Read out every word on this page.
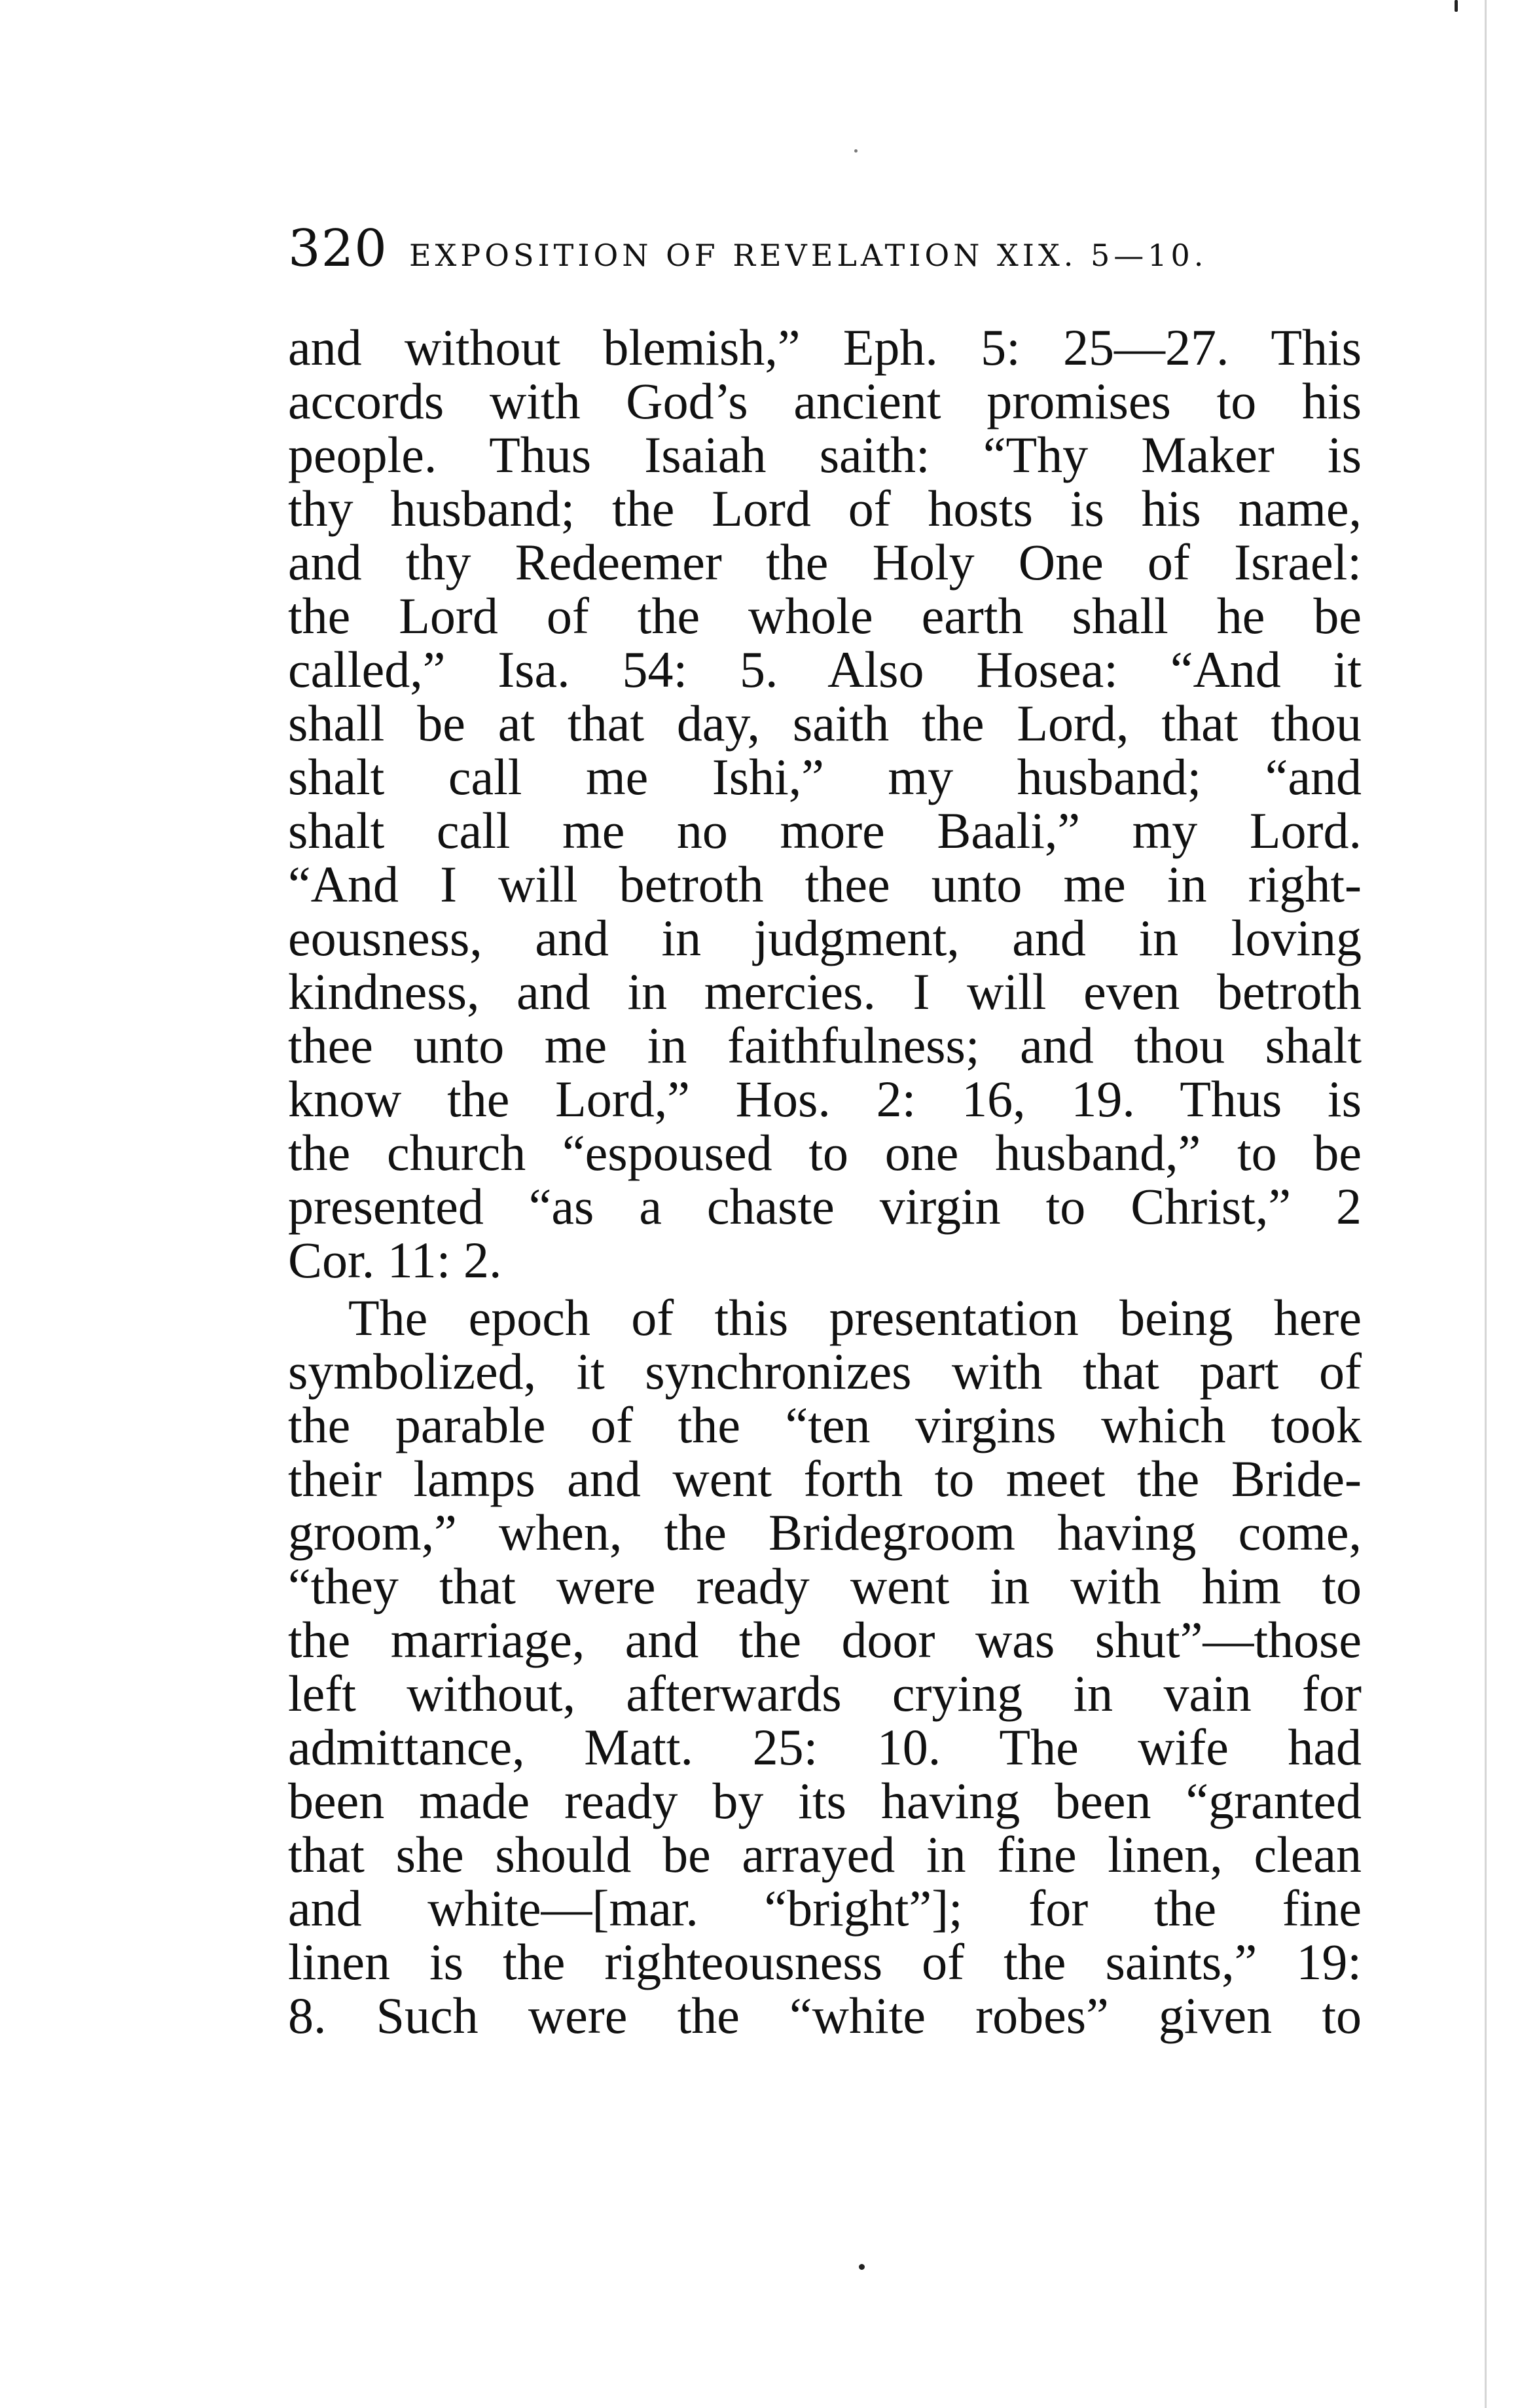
320 EXPOSITION OF REVELATION XIX. 5—10.
and without blemish,” Eph. 5: 25—27. This
accords with God’s ancient promises to his
people. Thus Isaiah saith: “Thy Maker is
thy husband; the Lord of hosts is his name,
and thy Redeemer the Holy One of Israel:
the Lord of the whole earth shall he be
called,” Isa. 54: 5. Also Hosea: “And it
shall be at that day, saith the Lord, that thou
shalt call me Ishi,” my husband; “and
shalt call me no more Baali,” my Lord.
“And I will betroth thee unto me in right-
eousness, and in judgment, and in loving
kindness, and in mercies. I will even betroth
thee unto me in faithfulness; and thou shalt
know the Lord,” Hos. 2: 16, 19. Thus is
the church “espoused to one husband,” to be
presented “as a chaste virgin to Christ,” 2
Cor. 11: 2.
The epoch of this presentation being here
symbolized, it synchronizes with that part of
the parable of the “ten virgins which took
their lamps and went forth to meet the Bride-
groom,” when, the Bridegroom having come,
“they that were ready went in with him to
the marriage, and the door was shut”—those
left without, afterwards crying in vain for
admittance, Matt. 25: 10. The wife had
been made ready by its having been “granted
that she should be arrayed in fine linen, clean
and white—[mar. “bright”]; for the fine
linen is the righteousness of the saints,” 19:
8. Such were the “white robes” given to
